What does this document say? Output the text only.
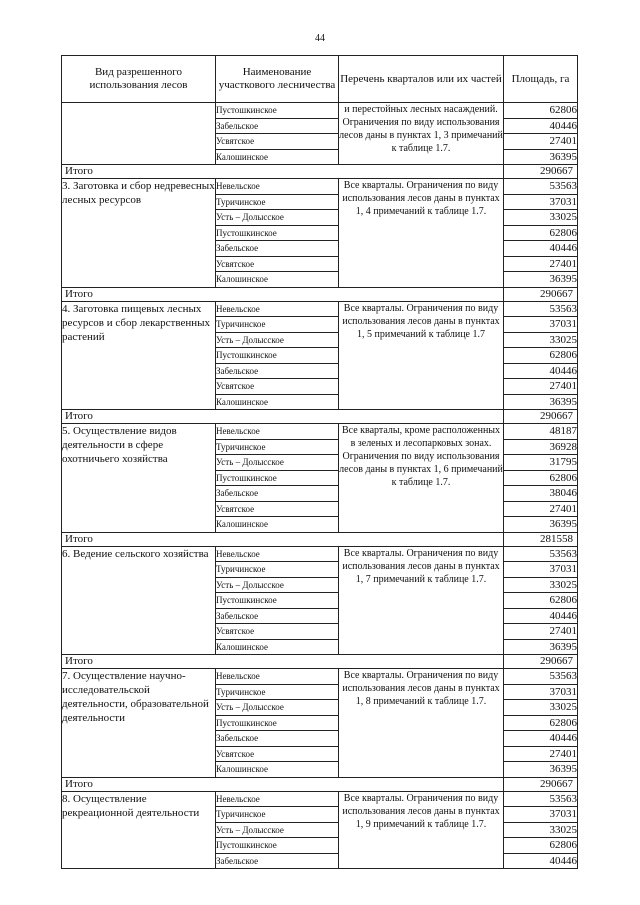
44
Вид разрешенного использования лесов	Наименование участкового лесничества	Перечень кварталов или их частей	Площадь, га
	Пустошкинское	и перестойных лесных насаждений. Ограничения по виду использования лесов даны в пунктах 1, 3 примечаний к таблице 1.7.	62806
	Забельское		40446
	Усвятское		27401
	Калошинское		36395
Итого			290667
3. Заготовка и сбор недревесных лесных ресурсов	Невельское	Все кварталы. Ограничения по виду использования лесов даны в пунктах 1, 4 примечаний к таблице 1.7.	53563
	Туричинское		37031
	Усть – Долысское		33025
	Пустошкинское		62806
	Забельское		40446
	Усвятское		27401
	Калошинское		36395
Итого			290667
4. Заготовка пищевых лесных ресурсов и сбор лекарственных растений	Невельское	Все кварталы. Ограничения по виду использования лесов даны в пунктах 1, 5 примечаний к таблице 1.7	53563
	Туричинское		37031
	Усть – Долысское		33025
	Пустошкинское		62806
	Забельское		40446
	Усвятское		27401
	Калошинское		36395
Итого			290667
5. Осуществление видов деятельности в сфере охотничьего хозяйства	Невельское	Все кварталы, кроме расположенных в зеленых и лесопарковых зонах. Ограничения по виду использования лесов даны в пунктах 1, 6 примечаний к таблице 1.7.	48187
	Туричинское		36928
	Усть – Долысское		31795
	Пустошкинское		62806
	Забельское		38046
	Усвятское		27401
	Калошинское		36395
Итого			281558
6. Ведение сельского хозяйства	Невельское	Все кварталы. Ограничения по виду использования лесов даны в пунктах 1, 7 примечаний к таблице 1.7.	53563
	Туричинское		37031
	Усть – Долысское		33025
	Пустошкинское		62806
	Забельское		40446
	Усвятское		27401
	Калошинское		36395
Итого			290667
7. Осуществление научно-исследовательской деятельности, образовательной деятельности	Невельское	Все кварталы. Ограничения по виду использования лесов даны в пунктах 1, 8 примечаний к таблице 1.7.	53563
	Туричинское		37031
	Усть – Долысское		33025
	Пустошкинское		62806
	Забельское		40446
	Усвятское		27401
	Калошинское		36395
Итого			290667
8. Осуществление рекреационной деятельности	Невельское	Все кварталы. Ограничения по виду использования лесов даны в пунктах 1, 9 примечаний к таблице 1.7.	53563
	Туричинское		37031
	Усть – Долысское		33025
	Пустошкинское		62806
	Забельское		40446
